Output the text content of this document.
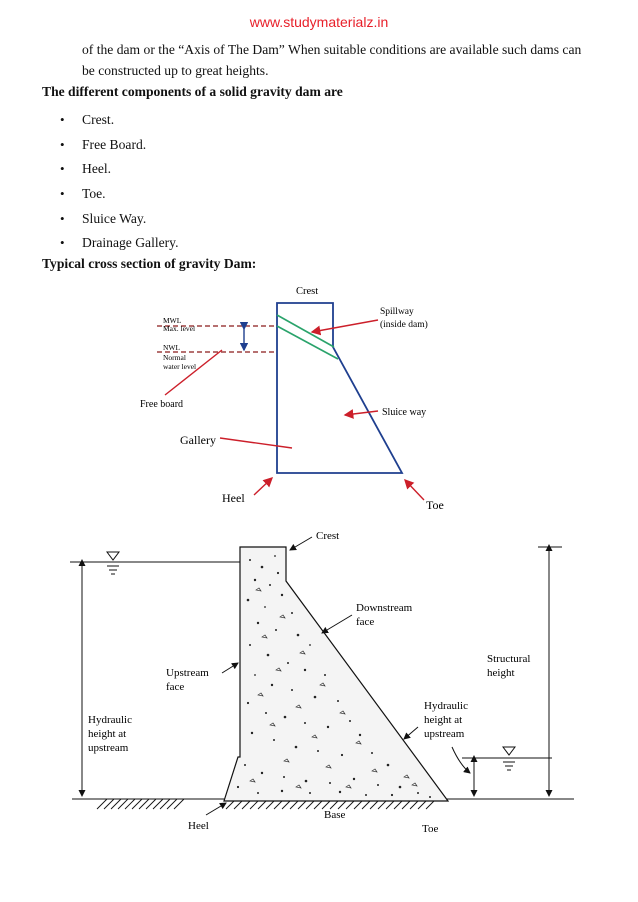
www.studymaterialz.in
of the dam or the “Axis of The Dam” When suitable conditions are available such dams can
be constructed up to great heights.
The different components of a solid gravity dam are
•	Crest.
•	Free Board.
•	Heel.
•	Toe.
•	Sluice Way.
•	Drainage Gallery.
Typical cross section of gravity Dam:
Crest
Spillway
(inside dam)
MWL
Max. level
NWL
Normal
water level
Free board
Sluice way
Gallery
Heel	Toe
Crest
Downstream
face
Upstream
face
Structural
height
Hydraulic
height at
upstream
Hydraulic
height at
upstream
Heel
Base
Toe
